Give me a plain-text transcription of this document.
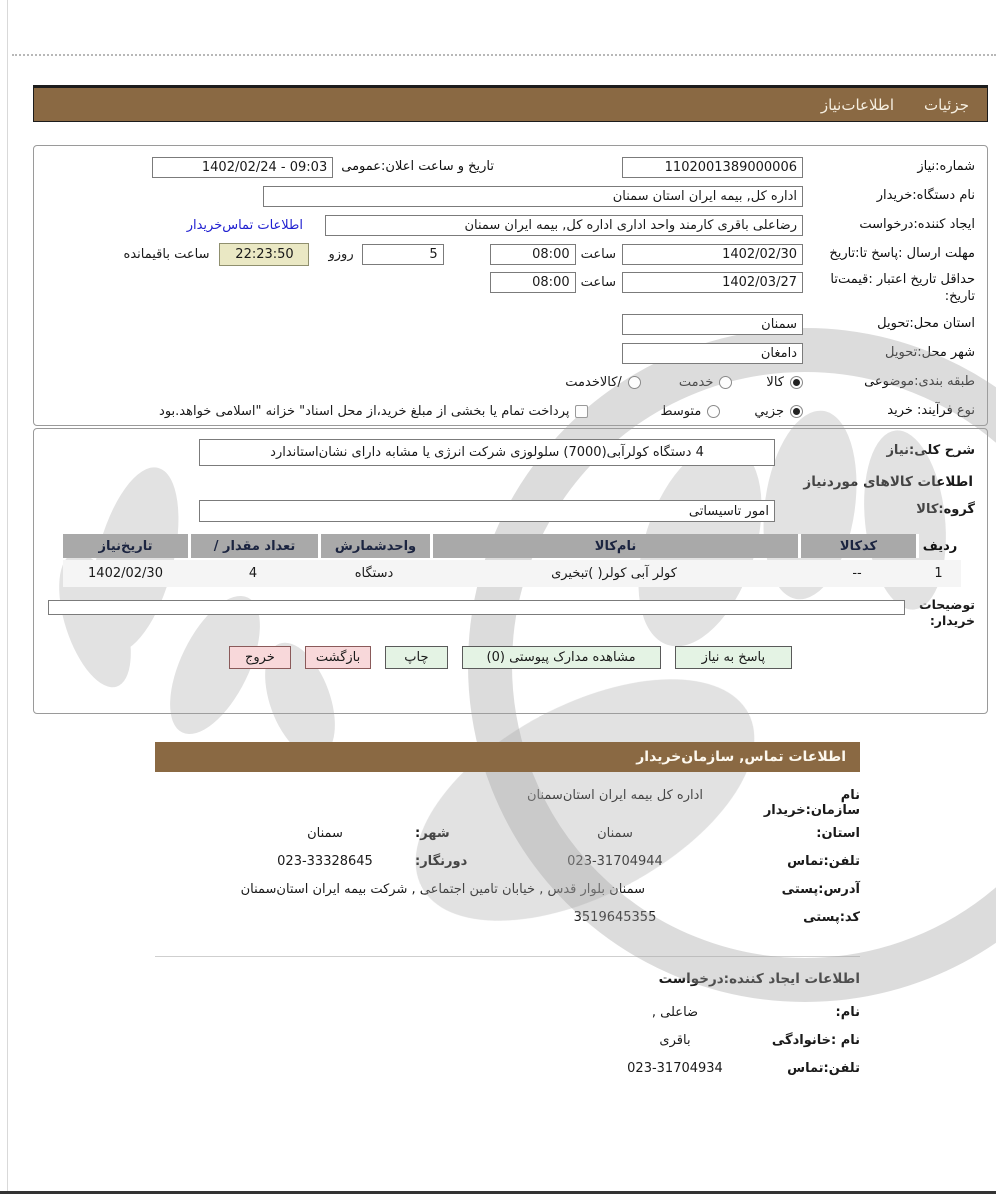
جزئیات
اطلاعات‌نیاز
شماره:نیاز
1102001389000006
تاریخ و ساعت اعلان:عمومی
1402/02/24 - 09:03
نام دستگاه:خریدار
اداره کل, بیمه ایران استان سمنان
ایجاد کننده:درخواست
رضاعلی باقری کارمند واحد اداری اداره کل, بیمه ایران سمنان
اطلاعات تماس‌خریدار
مهلت ارسال :پاسخ تا:تاریخ
1402/02/30
ساعت
08:00
5
روزو
22:23:50
ساعت باقیمانده
حداقل تاریخ اعتبار :قیمت‌تا تاریخ:
1402/03/27
ساعت
08:00
استان محل:تحویل
سمنان
شهر محل:تحویل
دامغان
طبقه بندی:موضوعی
کالا
خدمت
/کالاخدمت
نوع فرآیند: خرید
جزیي
متوسط
پرداخت تمام یا بخشی از مبلغ خرید،از محل اسناد" خزانه "اسلامی خواهد.بود
شرح کلی:نیاز
4 دستگاه کولرآبی(7000) سلولوزی شرکت انرژی یا مشابه دارای نشان‌استاندارد
اطلاعات کالاهای موردنیاز
گروه:کالا
امور تاسیساتی
ردیف
کدکالا
نام‌کالا
واحدشمارش
تعداد مقدار /
تاریخ‌نیاز
1
--
کولر آبی کولر( )تبخیری
دستگاه
4
1402/02/30
توضیحات خریدار:
پاسخ به نیاز
مشاهده مدارک پیوستی (0)
چاپ
بازگشت
خروج
اطلاعات تماس, سازمان‌خریدار
نام سازمان:خریدار
اداره کل بیمه ایران استان‌سمنان
استان:
سمنان
شهر:
سمنان
تلفن:تماس
023-31704944
دورنگار:
023-33328645
آدرس:پستی
سمنان بلوار قدس , خیابان تامین اجتماعی , شرکت بیمه ایران استان‌سمنان
کد:پستی
3519645355
اطلاعات ایجاد کننده:درخواست
نام:
ضاعلی ,
نام :خانوادگی
باقری
تلفن:تماس
023-31704934
